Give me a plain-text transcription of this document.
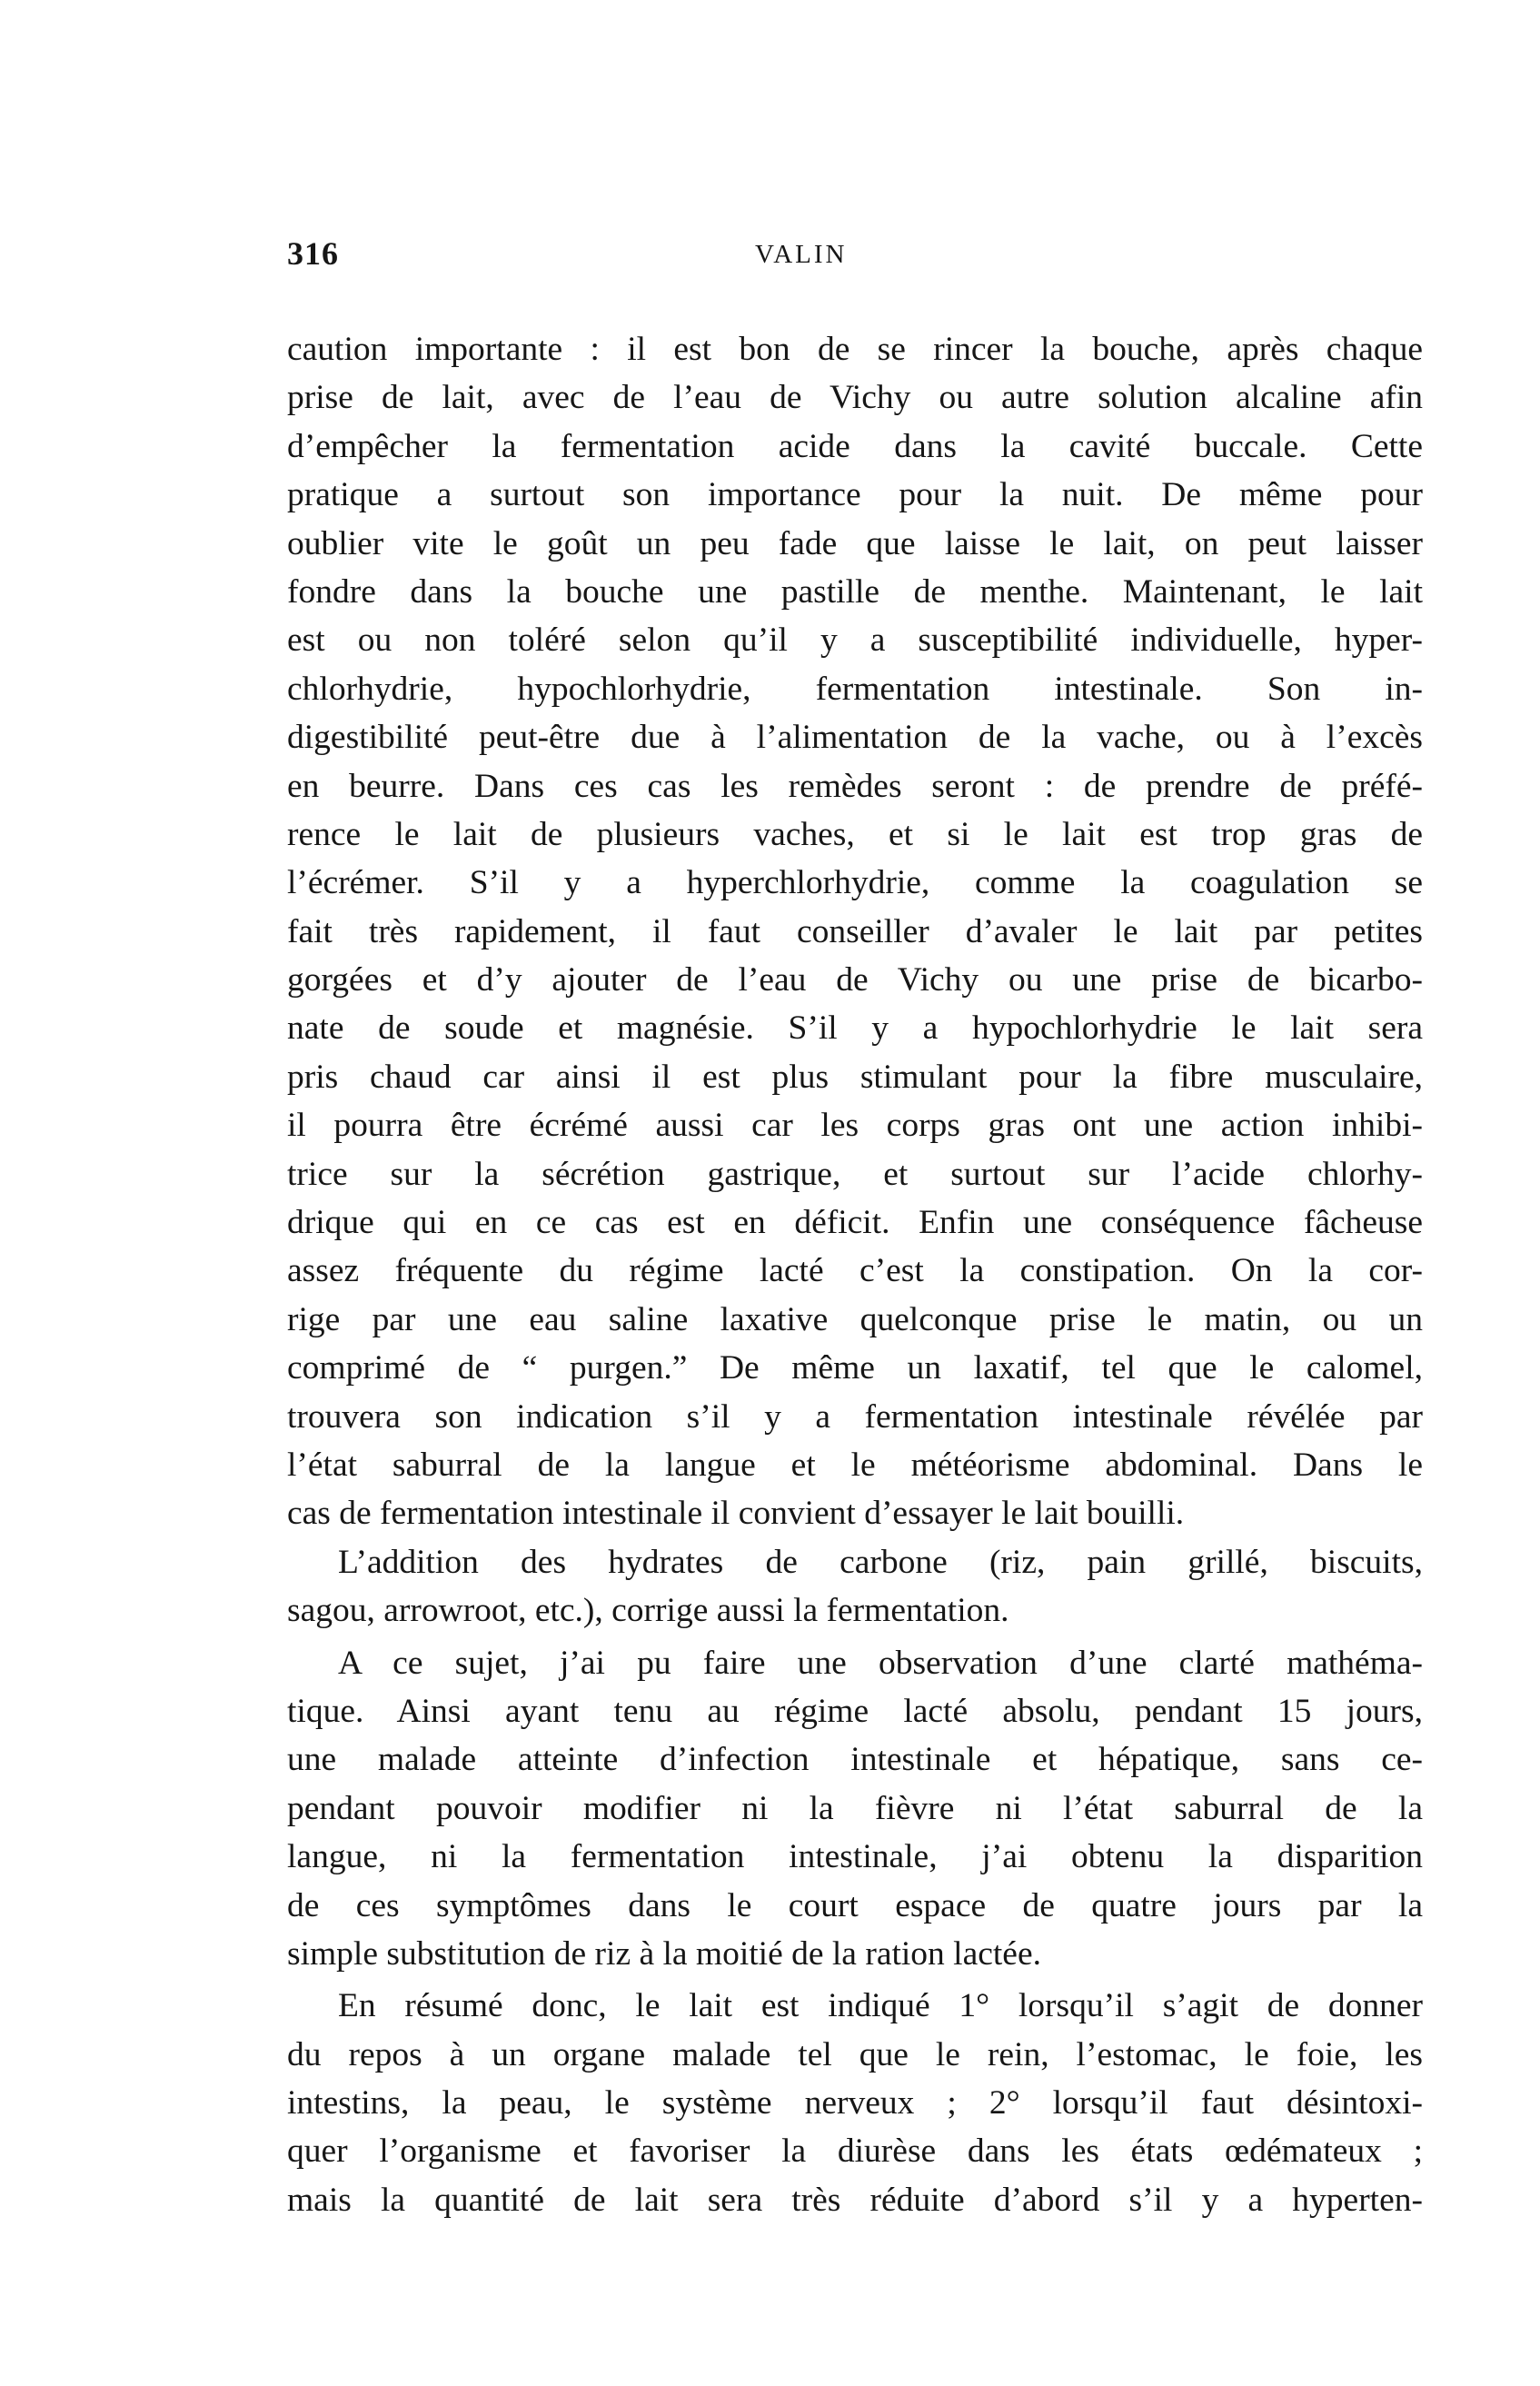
316	VALIN
caution importante : il est bon de se rincer la bouche, après chaque
prise de lait, avec de l’eau de Vichy ou autre solution alcaline afin
d’empêcher la fermentation acide dans la cavité buccale. Cette
pratique a surtout son importance pour la nuit. De même pour
oublier vite le goût un peu fade que laisse le lait, on peut laisser
fondre dans la bouche une pastille de menthe. Maintenant, le lait
est ou non toléré selon qu’il y a susceptibilité individuelle, hyper-
chlorhydrie, hypochlorhydrie, fermentation intestinale. Son in-
digestibilité peut-être due à l’alimentation de la vache, ou à l’excès
en beurre. Dans ces cas les remèdes seront : de prendre de préfé-
rence le lait de plusieurs vaches, et si le lait est trop gras de
l’écrémer. S’il y a hyperchlorhydrie, comme la coagulation se
fait très rapidement, il faut conseiller d’avaler le lait par petites
gorgées et d’y ajouter de l’eau de Vichy ou une prise de bicarbo-
nate de soude et magnésie. S’il y a hypochlorhydrie le lait sera
pris chaud car ainsi il est plus stimulant pour la fibre musculaire,
il pourra être écrémé aussi car les corps gras ont une action inhibi-
trice sur la sécrétion gastrique, et surtout sur l’acide chlorhy-
drique qui en ce cas est en déficit. Enfin une conséquence fâcheuse
assez fréquente du régime lacté c’est la constipation. On la cor-
rige par une eau saline laxative quelconque prise le matin, ou un
comprimé de “ purgen.” De même un laxatif, tel que le calomel,
trouvera son indication s’il y a fermentation intestinale révélée par
l’état saburral de la langue et le météorisme abdominal. Dans le
cas de fermentation intestinale il convient d’essayer le lait bouilli.
L’addition des hydrates de carbone (riz, pain grillé, biscuits,
sagou, arrowroot, etc.), corrige aussi la fermentation.
A ce sujet, j’ai pu faire une observation d’une clarté mathéma-
tique. Ainsi ayant tenu au régime lacté absolu, pendant 15 jours,
une malade atteinte d’infection intestinale et hépatique, sans ce-
pendant pouvoir modifier ni la fièvre ni l’état saburral de la
langue, ni la fermentation intestinale, j’ai obtenu la disparition
de ces symptômes dans le court espace de quatre jours par la
simple substitution de riz à la moitié de la ration lactée.
En résumé donc, le lait est indiqué 1° lorsqu’il s’agit de donner
du repos à un organe malade tel que le rein, l’estomac, le foie, les
intestins, la peau, le système nerveux ; 2° lorsqu’il faut désintoxi-
quer l’organisme et favoriser la diurèse dans les états œdémateux ;
mais la quantité de lait sera très réduite d’abord s’il y a hyperten-
